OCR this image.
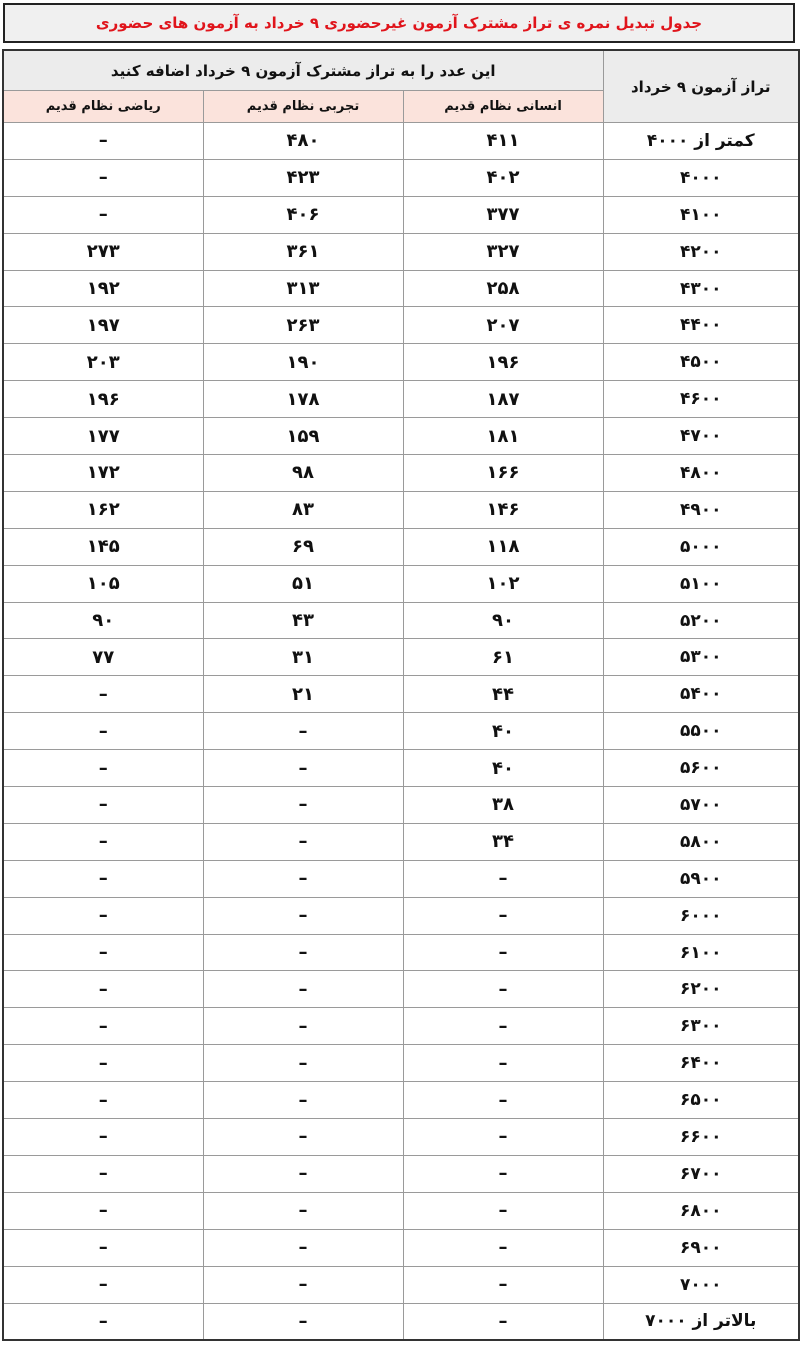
جدول تبدیل نمره ی تراز مشترک آزمون غیرحضوری ۹ خرداد به آزمون های حضوری
تراز آزمون ۹ خرداد	این عدد را به تراز مشترک آزمون ۹ خرداد اضافه کنید		
	انسانی نظام قدیم	تجربی نظام قدیم	ریاضی نظام قدیم
کمتر از ۴۰۰۰	۴۱۱	۴۸۰	–
۴۰۰۰	۴۰۲	۴۲۳	–
۴۱۰۰	۳۷۷	۴۰۶	–
۴۲۰۰	۳۲۷	۳۶۱	۲۷۳
۴۳۰۰	۲۵۸	۳۱۳	۱۹۲
۴۴۰۰	۲۰۷	۲۶۳	۱۹۷
۴۵۰۰	۱۹۶	۱۹۰	۲۰۳
۴۶۰۰	۱۸۷	۱۷۸	۱۹۶
۴۷۰۰	۱۸۱	۱۵۹	۱۷۷
۴۸۰۰	۱۶۶	۹۸	۱۷۲
۴۹۰۰	۱۴۶	۸۳	۱۶۲
۵۰۰۰	۱۱۸	۶۹	۱۴۵
۵۱۰۰	۱۰۲	۵۱	۱۰۵
۵۲۰۰	۹۰	۴۳	۹۰
۵۳۰۰	۶۱	۳۱	۷۷
۵۴۰۰	۴۴	۲۱	–
۵۵۰۰	۴۰	–	–
۵۶۰۰	۴۰	–	–
۵۷۰۰	۳۸	–	–
۵۸۰۰	۳۴	–	–
۵۹۰۰	–	–	–
۶۰۰۰	–	–	–
۶۱۰۰	–	–	–
۶۲۰۰	–	–	–
۶۳۰۰	–	–	–
۶۴۰۰	–	–	–
۶۵۰۰	–	–	–
۶۶۰۰	–	–	–
۶۷۰۰	–	–	–
۶۸۰۰	–	–	–
۶۹۰۰	–	–	–
۷۰۰۰	–	–	–
بالاتر از ۷۰۰۰	–	–	–
